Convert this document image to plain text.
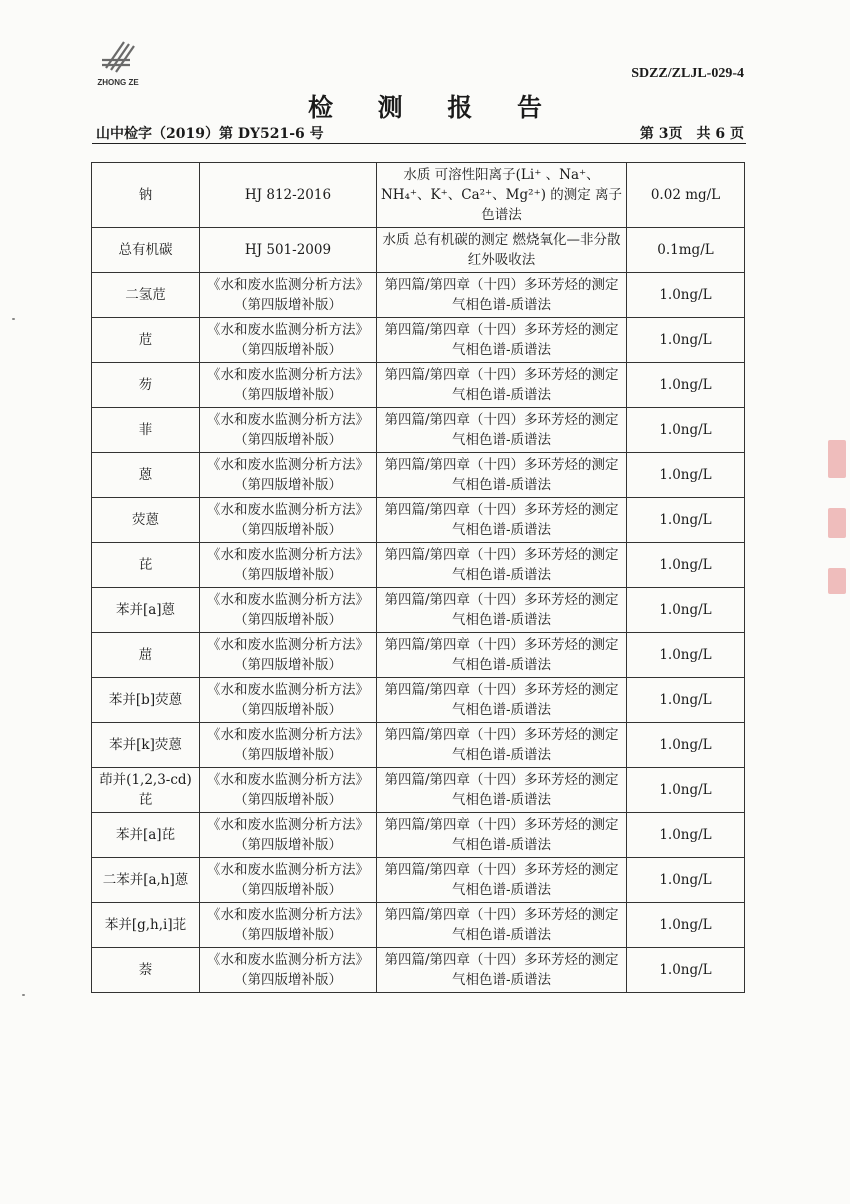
ZHONG ZE
SDZZ/ZLJL-029-4
检 测 报 告
山中检字（2019）第 DY521-6 号	第 3页　共 6 页
钠	HJ 812-2016	水质 可溶性阳离子(Li⁺ 、Na⁺、NH₄⁺、K⁺、Ca²⁺、Mg²⁺) 的测定 离子色谱法	0.02 mg/L
总有机碳	HJ 501-2009	水质 总有机碳的测定 燃烧氧化—非分散红外吸收法	0.1mg/L
二氢苊	《水和废水监测分析方法》（第四版增补版）	第四篇/第四章（十四）多环芳烃的测定 气相色谱-质谱法	1.0ng/L
苊	《水和废水监测分析方法》（第四版增补版）	第四篇/第四章（十四）多环芳烃的测定 气相色谱-质谱法	1.0ng/L
芴	《水和废水监测分析方法》（第四版增补版）	第四篇/第四章（十四）多环芳烃的测定 气相色谱-质谱法	1.0ng/L
菲	《水和废水监测分析方法》（第四版增补版）	第四篇/第四章（十四）多环芳烃的测定 气相色谱-质谱法	1.0ng/L
蒽	《水和废水监测分析方法》（第四版增补版）	第四篇/第四章（十四）多环芳烃的测定 气相色谱-质谱法	1.0ng/L
荧蒽	《水和废水监测分析方法》（第四版增补版）	第四篇/第四章（十四）多环芳烃的测定 气相色谱-质谱法	1.0ng/L
芘	《水和废水监测分析方法》（第四版增补版）	第四篇/第四章（十四）多环芳烃的测定 气相色谱-质谱法	1.0ng/L
苯并[a]蒽	《水和废水监测分析方法》（第四版增补版）	第四篇/第四章（十四）多环芳烃的测定 气相色谱-质谱法	1.0ng/L
䓛	《水和废水监测分析方法》（第四版增补版）	第四篇/第四章（十四）多环芳烃的测定 气相色谱-质谱法	1.0ng/L
苯并[b]荧蒽	《水和废水监测分析方法》（第四版增补版）	第四篇/第四章（十四）多环芳烃的测定 气相色谱-质谱法	1.0ng/L
苯并[k]荧蒽	《水和废水监测分析方法》（第四版增补版）	第四篇/第四章（十四）多环芳烃的测定 气相色谱-质谱法	1.0ng/L
茚并(1,2,3-cd)芘	《水和废水监测分析方法》（第四版增补版）	第四篇/第四章（十四）多环芳烃的测定 气相色谱-质谱法	1.0ng/L
苯并[a]芘	《水和废水监测分析方法》（第四版增补版）	第四篇/第四章（十四）多环芳烃的测定 气相色谱-质谱法	1.0ng/L
二苯并[a,h]蒽	《水和废水监测分析方法》（第四版增补版）	第四篇/第四章（十四）多环芳烃的测定 气相色谱-质谱法	1.0ng/L
苯并[g,h,i]苝	《水和废水监测分析方法》（第四版增补版）	第四篇/第四章（十四）多环芳烃的测定 气相色谱-质谱法	1.0ng/L
萘	《水和废水监测分析方法》（第四版增补版）	第四篇/第四章（十四）多环芳烃的测定 气相色谱-质谱法	1.0ng/L
